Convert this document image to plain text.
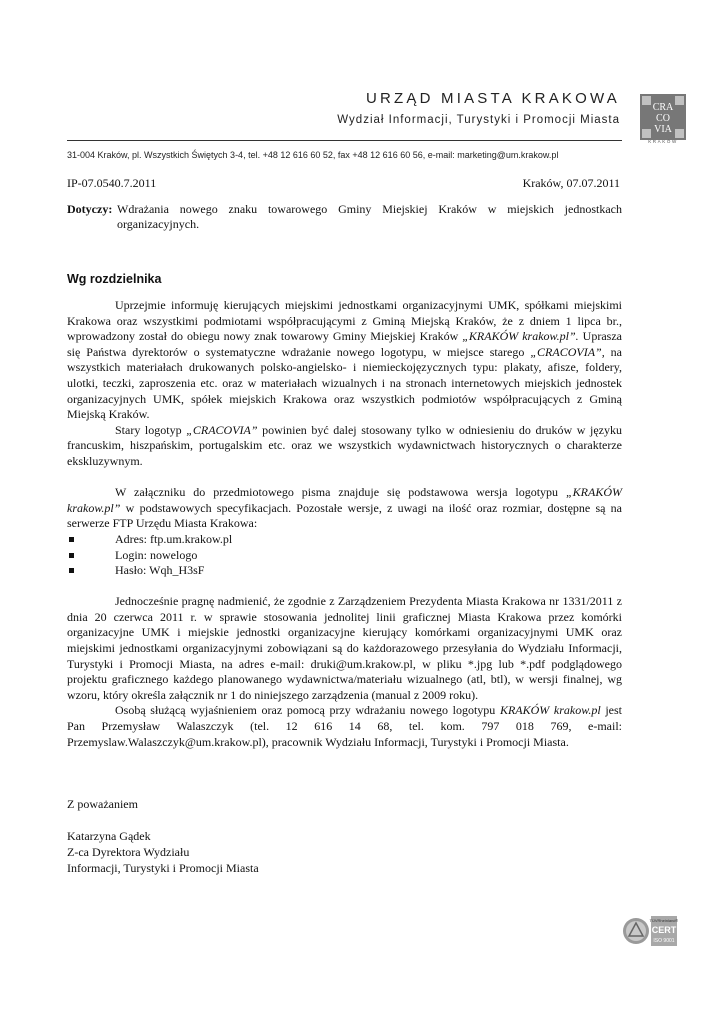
URZĄD MIASTA KRAKOWA
Wydział Informacji, Turystyki i Promocji Miasta
CRA
CO
VIA
KRAKÓW
31-004 Kraków, pl. Wszystkich Świętych 3-4, tel. +48 12 616 60 52, fax +48 12 616 60 56, e-mail: marketing@um.krakow.pl
IP-07.0540.7.2011	Kraków, 07.07.2011
Dotyczy: Wdrażania nowego znaku towarowego Gminy Miejskiej Kraków w miejskich jednostkach organizacyjnych.
Wg rozdzielnika

Uprzejmie informuję kierujących miejskimi jednostkami organizacyjnymi UMK, spółkami miejskimi Krakowa oraz wszystkimi podmiotami współpracującymi z Gminą Miejską Kraków, że z dniem 1 lipca br., wprowadzony został do obiegu nowy znak towarowy Gminy Miejskiej Kraków „KRAKÓW krakow.pl”. Uprasza się Państwa dyrektorów o systematyczne wdrażanie nowego logotypu, w miejsce starego „CRACOVIA”, na wszystkich materiałach drukowanych polsko-angielsko- i niemieckojęzycznych typu: plakaty, afisze, foldery, ulotki, teczki, zaproszenia etc. oraz w materiałach wizualnych i na stronach internetowych miejskich jednostek organizacyjnych UMK, spółek miejskich Krakowa oraz wszystkich podmiotów współpracujących z Gminą Miejską Kraków.

Stary logotyp „CRACOVIA” powinien być dalej stosowany tylko w odniesieniu do druków w języku francuskim, hiszpańskim, portugalskim etc. oraz we wszystkich wydawnictwach historycznych o charakterze ekskluzywnym.

W załączniku do przedmiotowego pisma znajduje się podstawowa wersja logotypu „KRAKÓW krakow.pl” w podstawowych specyfikacjach. Pozostałe wersje, z uwagi na ilość oraz rozmiar, dostępne są na serwerze FTP Urzędu Miasta Krakowa:

Adres: ftp.um.krakow.pl
Login: nowelogo
Hasło: Wqh_H3sF

Jednocześnie pragnę nadmienić, że zgodnie z Zarządzeniem Prezydenta Miasta Krakowa nr 1331/2011 z dnia 20 czerwca 2011 r. w sprawie stosowania jednolitej linii graficznej Miasta Krakowa przez komórki organizacyjne UMK i miejskie jednostki organizacyjne kierujący komórkami organizacyjnymi UMK oraz miejskimi jednostkami organizacyjnymi zobowiązani są do każdorazowego przesyłania do Wydziału Informacji, Turystyki i Promocji Miasta, na adres e-mail: druki@um.krakow.pl, w pliku *.jpg lub *.pdf podglądowego projektu graficznego każdego planowanego wydawnictwa/materiału wizualnego (atl, btl), w wersji finalnej, wg wzoru, który określa załącznik nr 1 do niniejszego zarządzenia (manual z 2009 roku).

Osobą służącą wyjaśnieniem oraz pomocą przy wdrażaniu nowego logotypu KRAKÓW krakow.pl jest Pan Przemysław Walaszczyk (tel. 12 616 14 68, tel. kom. 797 018 769, e-mail: Przemyslaw.Walaszczyk@um.krakow.pl), pracownik Wydziału Informacji, Turystyki i Promocji Miasta.

Z poważaniem
Katarzyna Gądek
Z-ca Dyrektora Wydziału
Informacji, Turystyki i Promocji Miasta
TÜVRheinland®
CERT
ISO 9001
